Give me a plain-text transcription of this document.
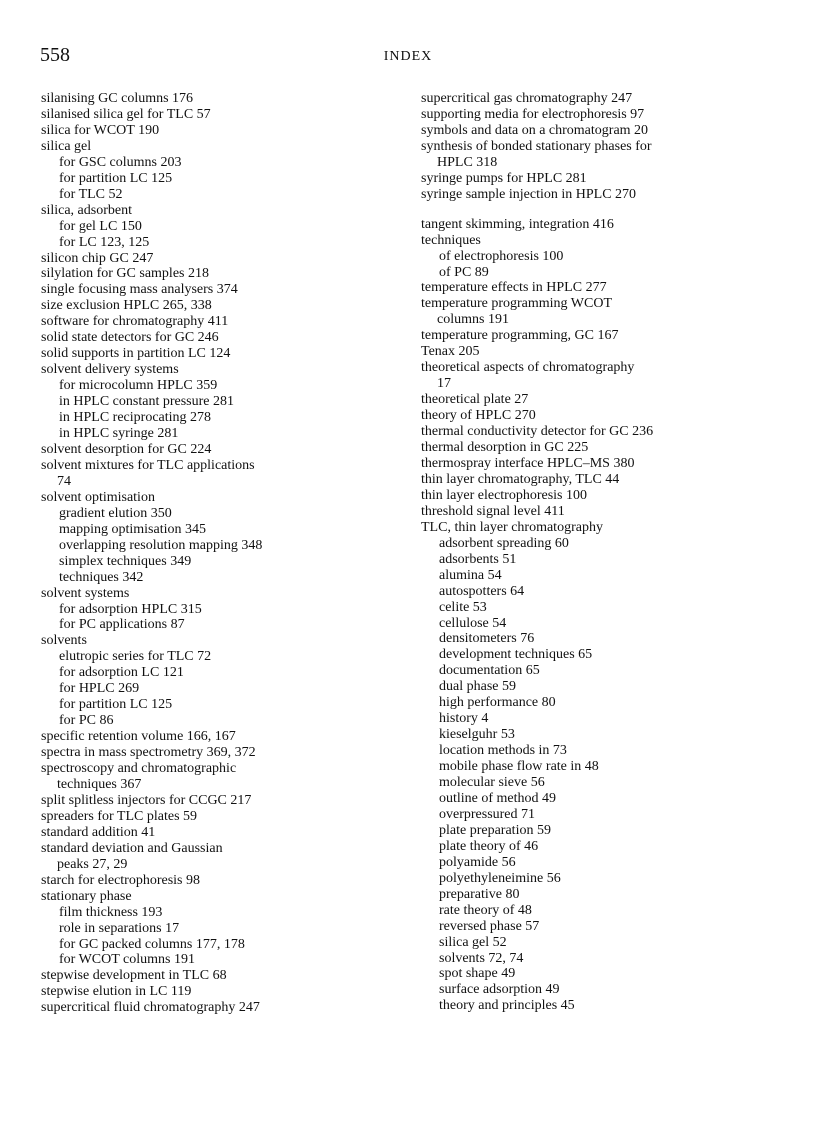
558	INDEX
silanising GC columns 176
silanised silica gel for TLC 57
silica for WCOT 190
silica gel
for GSC columns 203
for partition LC 125
for TLC 52
silica, adsorbent
for gel LC 150
for LC 123, 125
silicon chip GC 247
silylation for GC samples 218
single focusing mass analysers 374
size exclusion HPLC 265, 338
software for chromatography 411
solid state detectors for GC 246
solid supports in partition LC 124
solvent delivery systems
for microcolumn HPLC 359
in HPLC constant pressure 281
in HPLC reciprocating 278
in HPLC syringe 281
solvent desorption for GC 224
solvent mixtures for TLC applications
74
solvent optimisation
gradient elution 350
mapping optimisation 345
overlapping resolution mapping 348
simplex techniques 349
techniques 342
solvent systems
for adsorption HPLC 315
for PC applications 87
solvents
elutropic series for TLC 72
for adsorption LC 121
for HPLC 269
for partition LC 125
for PC 86
specific retention volume 166, 167
spectra in mass spectrometry 369, 372
spectroscopy and chromatographic
techniques 367
split splitless injectors for CCGC 217
spreaders for TLC plates 59
standard addition 41
standard deviation and Gaussian
peaks 27, 29
starch for electrophoresis 98
stationary phase
film thickness 193
role in separations 17
for GC packed columns 177, 178
for WCOT columns 191
stepwise development in TLC 68
stepwise elution in LC 119
supercritical fluid chromatography 247
supercritical gas chromatography 247
supporting media for electrophoresis 97
symbols and data on a chromatogram 20
synthesis of bonded stationary phases for
HPLC 318
syringe pumps for HPLC 281
syringe sample injection in HPLC 270
tangent skimming, integration 416
techniques
of electrophoresis 100
of PC 89
temperature effects in HPLC 277
temperature programming WCOT
columns 191
temperature programming, GC 167
Tenax 205
theoretical aspects of chromatography
17
theoretical plate 27
theory of HPLC 270
thermal conductivity detector for GC 236
thermal desorption in GC 225
thermospray interface HPLC–MS 380
thin layer chromatography, TLC 44
thin layer electrophoresis 100
threshold signal level 411
TLC, thin layer chromatography
adsorbent spreading 60
adsorbents 51
alumina 54
autospotters 64
celite 53
cellulose 54
densitometers 76
development techniques 65
documentation 65
dual phase 59
high performance 80
history 4
kieselguhr 53
location methods in 73
mobile phase flow rate in 48
molecular sieve 56
outline of method 49
overpressured 71
plate preparation 59
plate theory of 46
polyamide 56
polyethyleneimine 56
preparative 80
rate theory of 48
reversed phase 57
silica gel 52
solvents 72, 74
spot shape 49
surface adsorption 49
theory and principles 45
